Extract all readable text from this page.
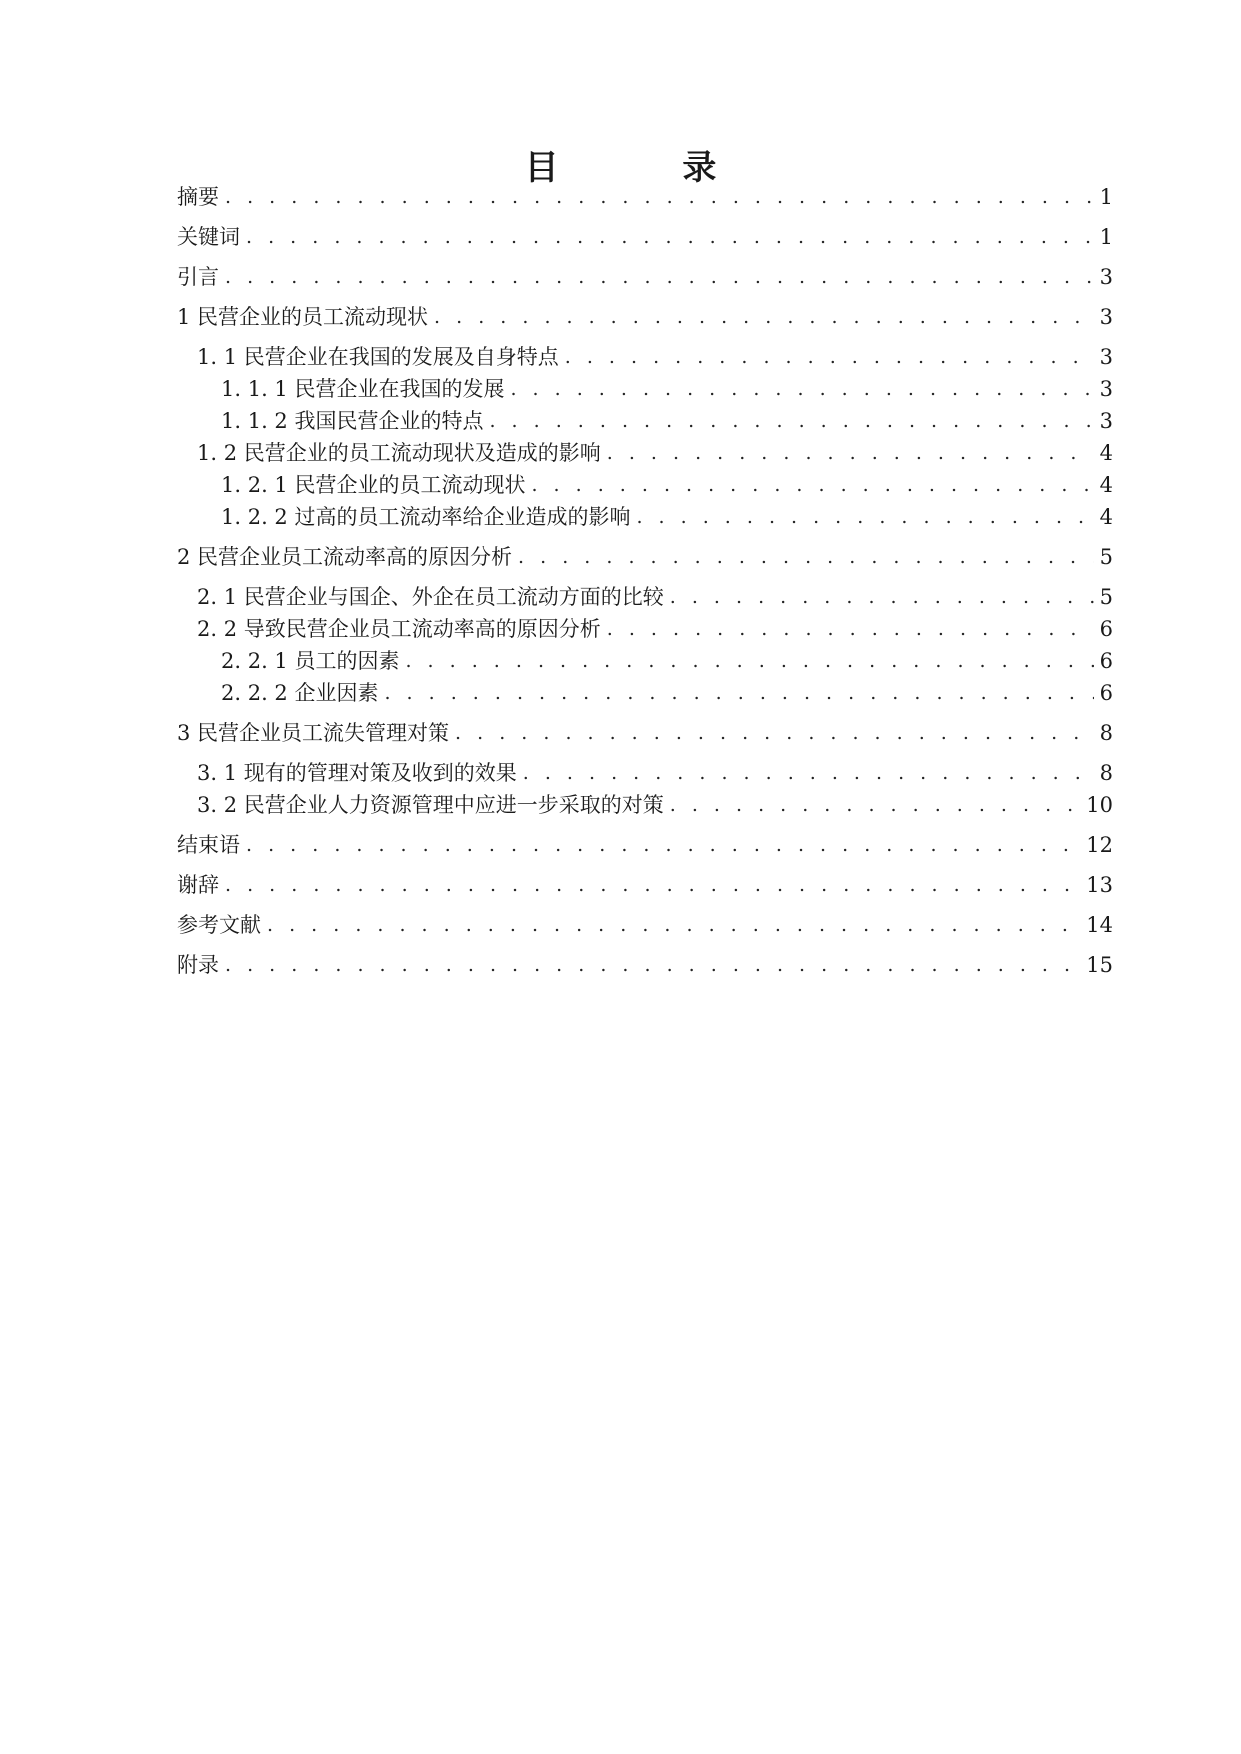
目 录
摘要 . . .	1
关键词 . . .	1
引言 . . .	3
1 民营企业的员工流动现状 . . .	3
1. 1 民营企业在我国的发展及自身特点 . . .	3
1. 1. 1 民营企业在我国的发展 . . .	3
1. 1. 2 我国民营企业的特点 . . .	3
1. 2 民营企业的员工流动现状及造成的影响 . . .	4
1. 2. 1 民营企业的员工流动现状 . . .	4
1. 2. 2 过高的员工流动率给企业造成的影响 . . .	4
2 民营企业员工流动率高的原因分析 . . .	5
2. 1 民营企业与国企、外企在员工流动方面的比较 . . .	5
2. 2 导致民营企业员工流动率高的原因分析 . . .	6
2. 2. 1 员工的因素 . . .	6
2. 2. 2 企业因素 . . .	6
3 民营企业员工流失管理对策 . . .	8
3. 1 现有的管理对策及收到的效果 . . .	8
3. 2 民营企业人力资源管理中应进一步采取的对策 . . .	10
结束语 . . .	12
谢辞 . . .	13
参考文献 . . .	14
附录 . . .	15
